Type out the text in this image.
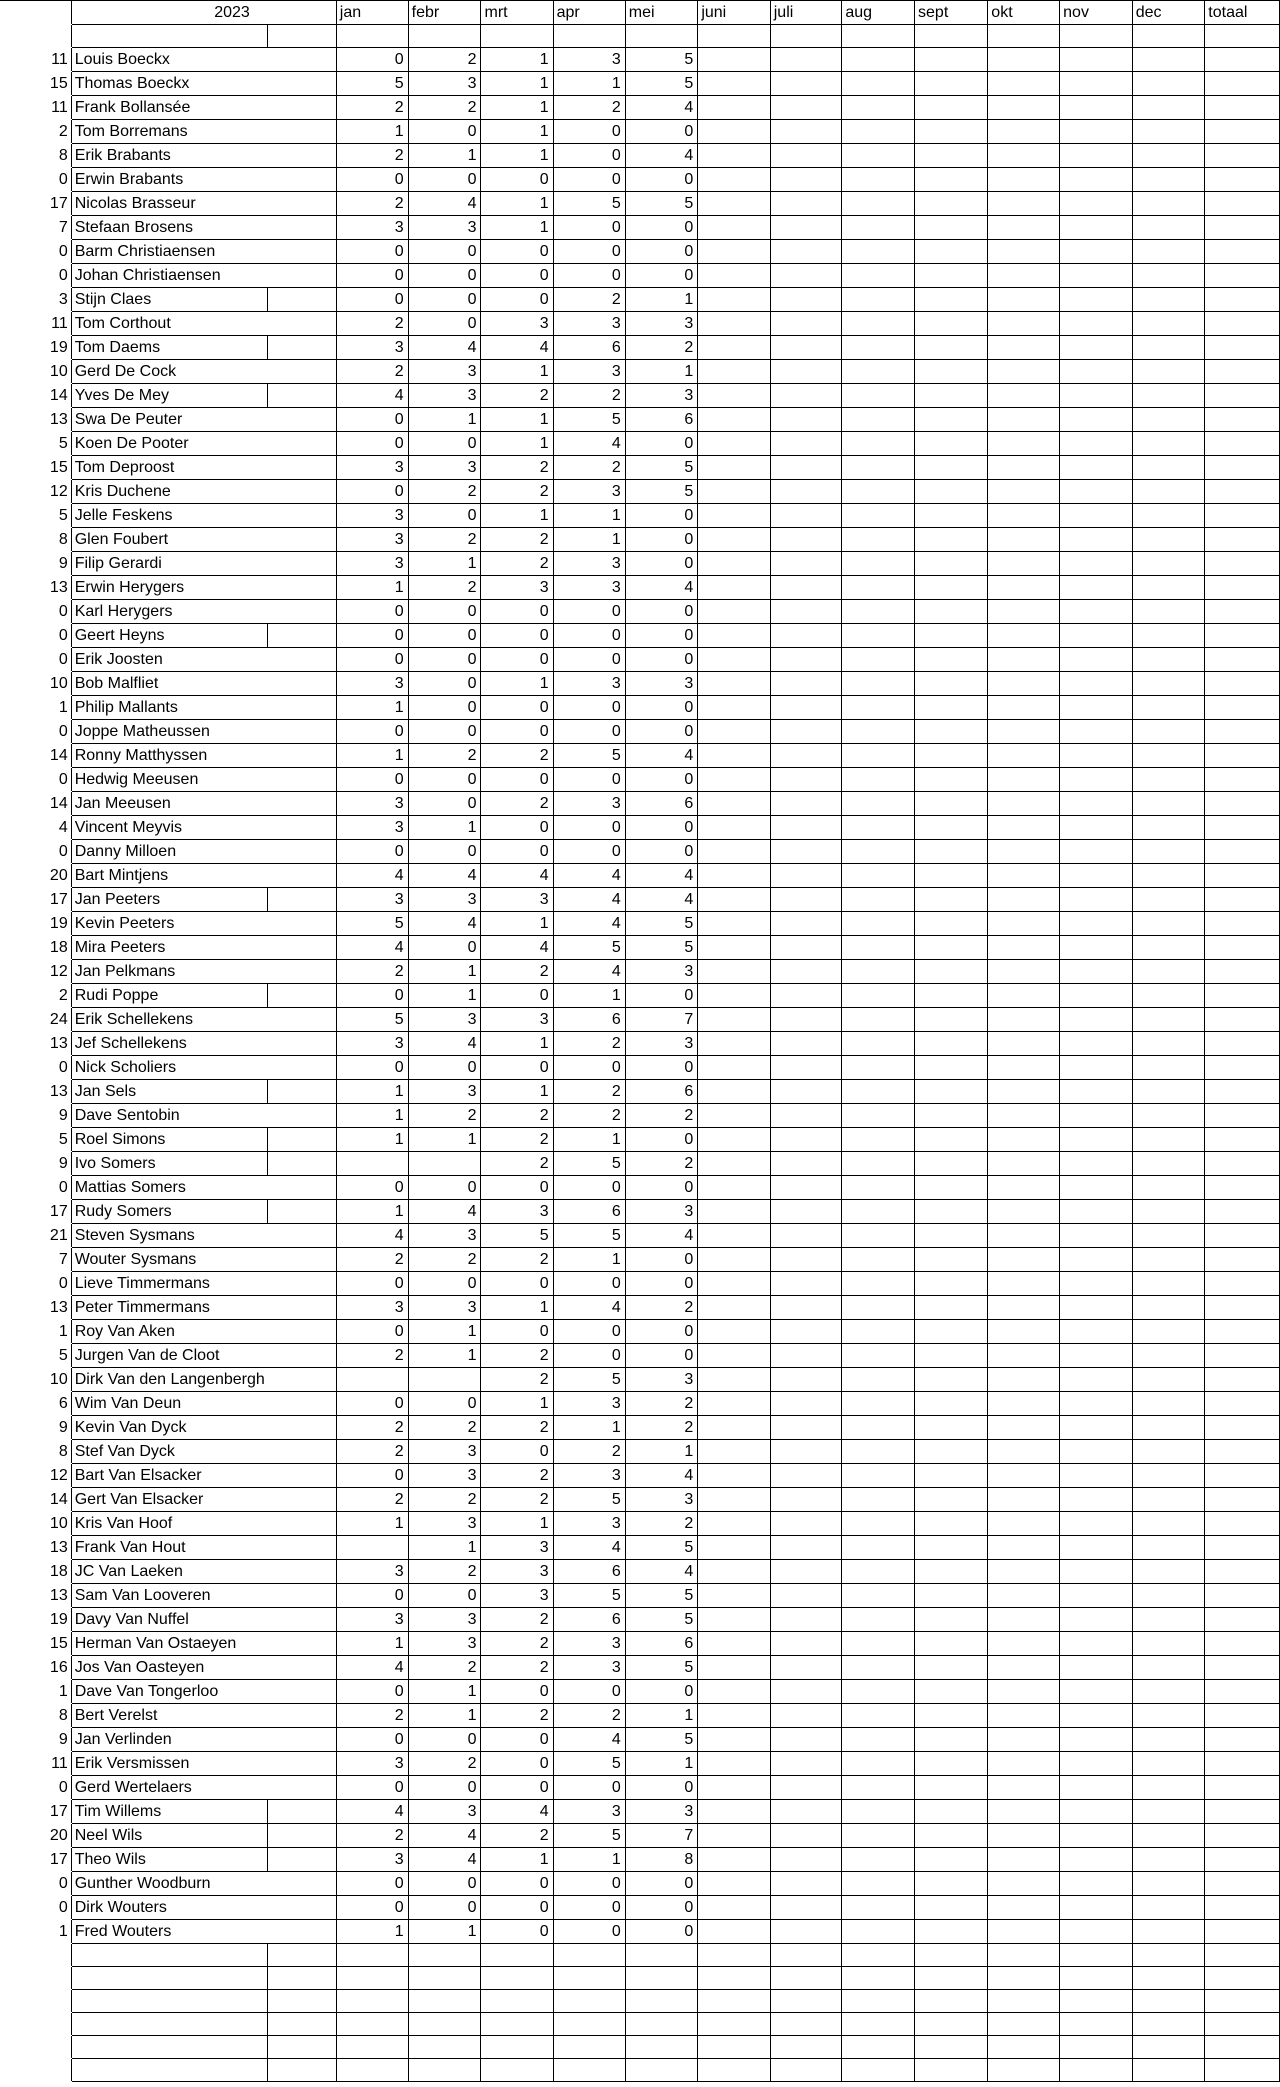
	2023		jan	febr	mrt	apr	mei	juni	juli	aug	sept	okt	nov	dec	totaal

11	Louis Boeckx		0	2	1	3	5								
15	Thomas Boeckx		5	3	1	1	5								
11	Frank Bollansée		2	2	1	2	4								
2	Tom Borremans		1	0	1	0	0								
8	Erik Brabants		2	1	1	0	4								
0	Erwin Brabants		0	0	0	0	0								
17	Nicolas Brasseur		2	4	1	5	5								
7	Stefaan Brosens		3	3	1	0	0								
0	Barm Christiaensen		0	0	0	0	0								
0	Johan Christiaensen		0	0	0	0	0								
3	Stijn Claes		0	0	0	2	1								
11	Tom Corthout		2	0	3	3	3								
19	Tom Daems		3	4	4	6	2								
10	Gerd De Cock		2	3	1	3	1								
14	Yves De Mey		4	3	2	2	3								
13	Swa De Peuter		0	1	1	5	6								
5	Koen De Pooter		0	0	1	4	0								
15	Tom Deproost		3	3	2	2	5								
12	Kris Duchene		0	2	2	3	5								
5	Jelle Feskens		3	0	1	1	0								
8	Glen Foubert		3	2	2	1	0								
9	Filip Gerardi		3	1	2	3	0								
13	Erwin Herygers		1	2	3	3	4								
0	Karl Herygers		0	0	0	0	0								
0	Geert Heyns		0	0	0	0	0								
0	Erik Joosten		0	0	0	0	0								
10	Bob Malfliet		3	0	1	3	3								
1	Philip Mallants		1	0	0	0	0								
0	Joppe Matheussen		0	0	0	0	0								
14	Ronny Matthyssen		1	2	2	5	4								
0	Hedwig Meeusen		0	0	0	0	0								
14	Jan Meeusen		3	0	2	3	6								
4	Vincent Meyvis		3	1	0	0	0								
0	Danny Milloen		0	0	0	0	0								
20	Bart Mintjens		4	4	4	4	4								
17	Jan Peeters		3	3	3	4	4								
19	Kevin Peeters		5	4	1	4	5								
18	Mira Peeters		4	0	4	5	5								
12	Jan Pelkmans		2	1	2	4	3								
2	Rudi Poppe		0	1	0	1	0								
24	Erik Schellekens		5	3	3	6	7								
13	Jef Schellekens		3	4	1	2	3								
0	Nick Scholiers		0	0	0	0	0								
13	Jan Sels		1	3	1	2	6								
9	Dave Sentobin		1	2	2	2	2								
5	Roel Simons		1	1	2	1	0								
9	Ivo Somers				2	5	2								
0	Mattias Somers		0	0	0	0	0								
17	Rudy Somers		1	4	3	6	3								
21	Steven Sysmans		4	3	5	5	4								
7	Wouter Sysmans		2	2	2	1	0								
0	Lieve Timmermans		0	0	0	0	0								
13	Peter Timmermans		3	3	1	4	2								
1	Roy Van Aken		0	1	0	0	0								
5	Jurgen Van de Cloot		2	1	2	0	0								
10	Dirk Van den Langenbergh				2	5	3								
6	Wim Van Deun		0	0	1	3	2								
9	Kevin Van Dyck		2	2	2	1	2								
8	Stef Van Dyck		2	3	0	2	1								
12	Bart Van Elsacker		0	3	2	3	4								
14	Gert Van Elsacker		2	2	2	5	3								
10	Kris Van Hoof		1	3	1	3	2								
13	Frank Van Hout			1	3	4	5								
18	JC Van Laeken		3	2	3	6	4								
13	Sam Van Looveren		0	0	3	5	5								
19	Davy Van Nuffel		3	3	2	6	5								
15	Herman Van Ostaeyen		1	3	2	3	6								
16	Jos Van Oasteyen		4	2	2	3	5								
1	Dave Van Tongerloo		0	1	0	0	0								
8	Bert Verelst		2	1	2	2	1								
9	Jan Verlinden		0	0	0	4	5								
11	Erik Versmissen		3	2	0	5	1								
0	Gerd Wertelaers		0	0	0	0	0								
17	Tim Willems		4	3	4	3	3								
20	Neel Wils		2	4	2	5	7								
17	Theo Wils		3	4	1	1	8								
0	Gunther Woodburn		0	0	0	0	0								
0	Dirk Wouters		0	0	0	0	0								
1	Fred Wouters		1	1	0	0	0								
